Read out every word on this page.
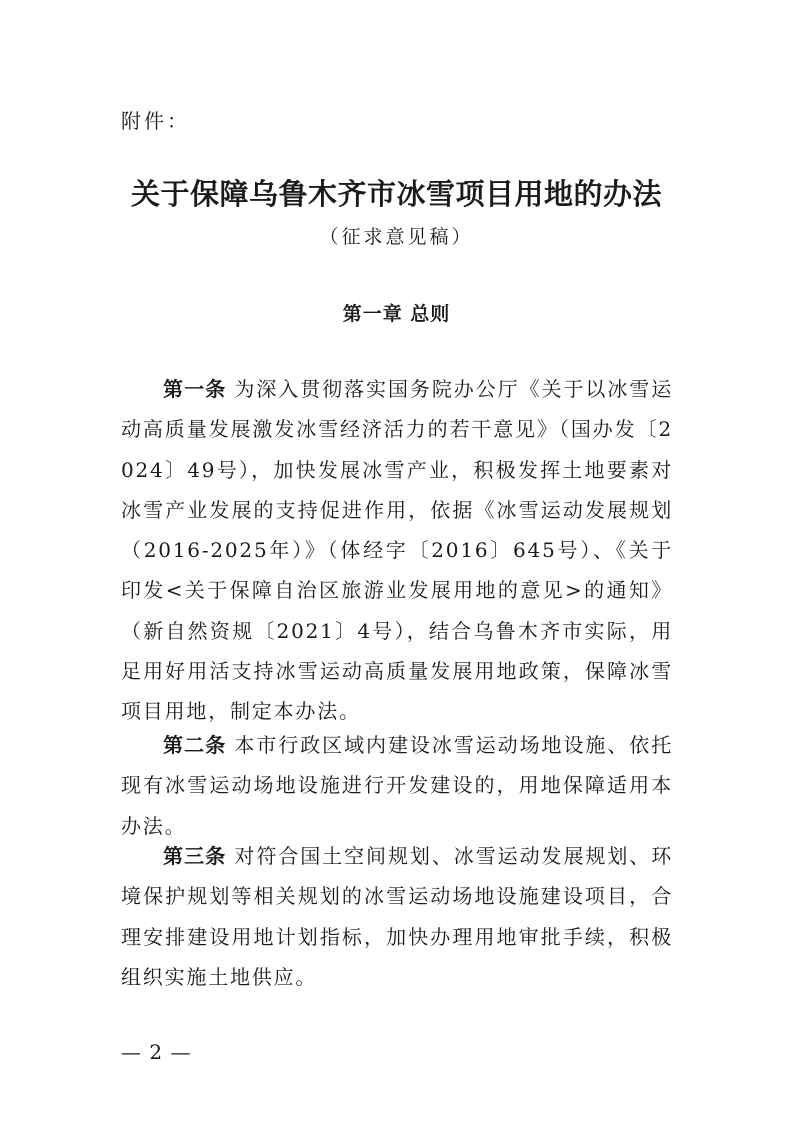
附件：
关于保障乌鲁木齐市冰雪项目用地的办法
（征求意见稿）
第一章 总则
第一条 为深入贯彻落实国务院办公厅《关于以冰雪运动高质量发展激发冰雪经济活力的若干意见》（国办发〔2024〕49号），加快发展冰雪产业，积极发挥土地要素对冰雪产业发展的支持促进作用，依据《冰雪运动发展规划（2016-2025年）》（体经字〔2016〕645号）、《关于印发<关于保障自治区旅游业发展用地的意见>的通知》（新自然资规〔2021〕4号），结合乌鲁木齐市实际，用足用好用活支持冰雪运动高质量发展用地政策，保障冰雪项目用地，制定本办法。
第二条 本市行政区域内建设冰雪运动场地设施、依托现有冰雪运动场地设施进行开发建设的，用地保障适用本办法。
第三条 对符合国土空间规划、冰雪运动发展规划、环境保护规划等相关规划的冰雪运动场地设施建设项目，合理安排建设用地计划指标，加快办理用地审批手续，积极组织实施土地供应。
— 2 —
